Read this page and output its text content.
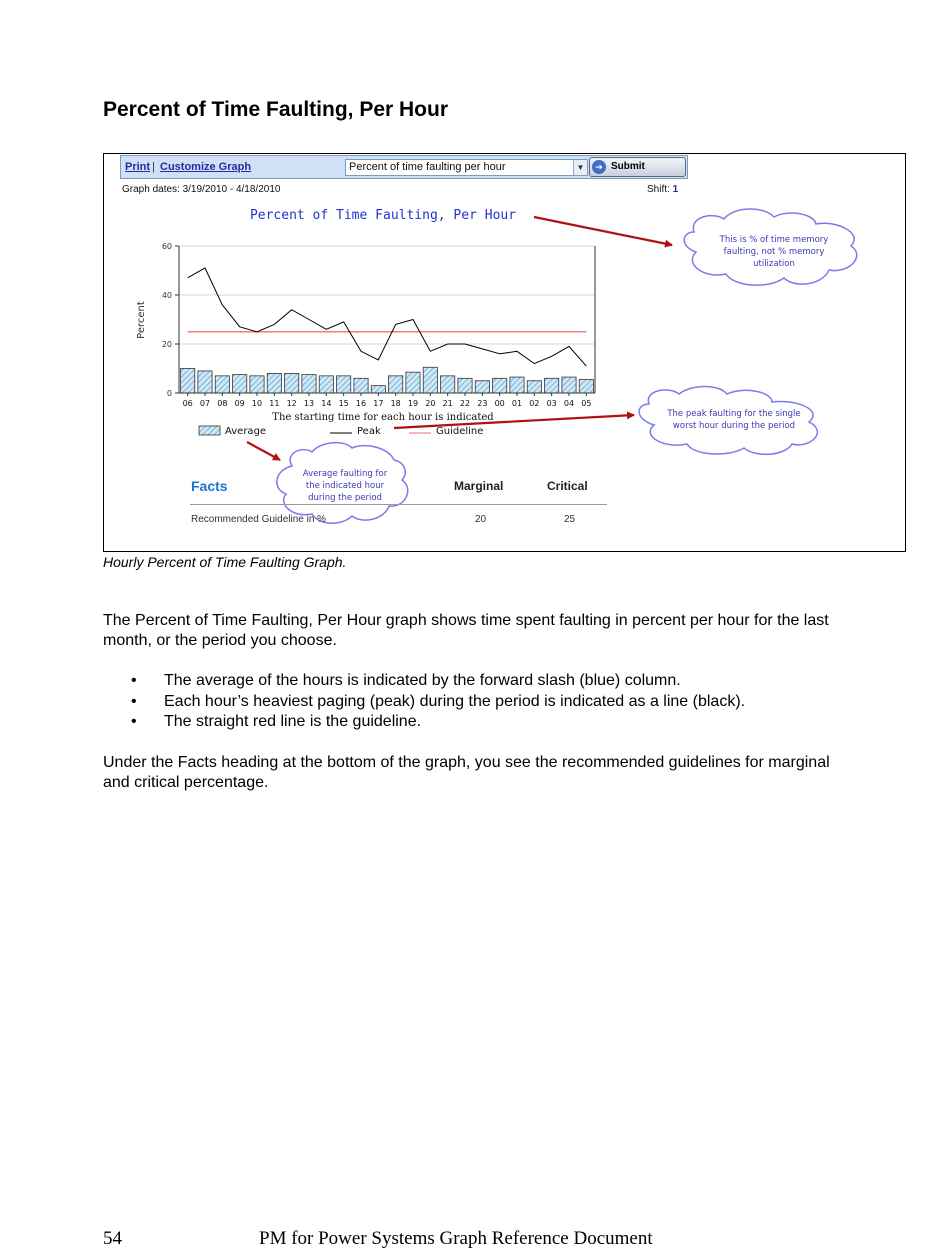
Percent of Time Faulting, Per Hour
Print | Customize Graph	Percent of time faulting per hour	▼	➔ Submit
Graph dates: 3/19/2010 - 4/18/2010	Shift: 1
Percent of Time Faulting, Per Hour
Percent
The starting time for each hour is indicated
0
20
40
60
06 07 08 09 10 11 12 13 14 15 16 17 18 19 20 21 22 23 00 01 02 03 04 05
Average	Peak	Guideline
This is % of time memory faulting, not % memory utilization
The peak faulting for the single worst hour during the period
Average faulting for the indicated hour during the period
Facts	Marginal	Critical
Recommended Guideline in %	20	25
Hourly Percent of Time Faulting Graph.

The Percent of Time Faulting, Per Hour graph shows time spent faulting in percent per hour for the last month, or the period you choose.

• The average of the hours is indicated by the forward slash (blue) column.
• Each hour’s heaviest paging (peak) during the period is indicated as a line (black).
• The straight red line is the guideline.

Under the Facts heading at the bottom of the graph, you see the recommended guidelines for marginal and critical percentage.

54	PM for Power Systems Graph Reference Document
